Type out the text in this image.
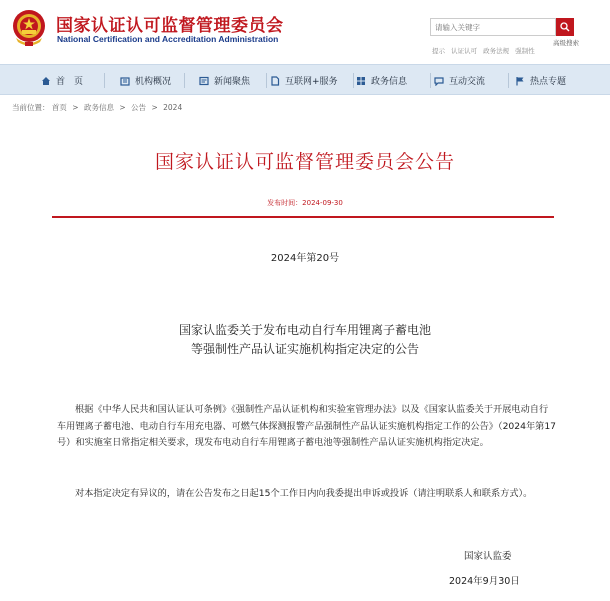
国家认证认可监督管理委员会
National Certification and Accreditation Administration
请输入关键字	高级搜索
提示 认证认可 政务法规 强制性
首　页	机构概况	新闻聚焦	互联网+服务	政务信息	互动交流	热点专题
当前位置： 首页 > 政务信息 > 公告 > 2024
国家认证认可监督管理委员会公告
发布时间：2024-09-30
2024年第20号
国家认监委关于发布电动自行车用锂离子蓄电池
等强制性产品认证实施机构指定决定的公告
根据《中华人民共和国认证认可条例》《强制性产品认证机构和实验室管理办法》以及《国家认监委关于开展电动自行车用锂离子蓄电池、电动自行车用充电器、可燃气体探测报警产品强制性产品认证实施机构指定工作的公告》（2024年第17号）和实施室日常指定相关要求，现发布电动自行车用锂离子蓄电池等强制性产品认证实施机构指定决定。
对本指定决定有异议的，请在公告发布之日起15个工作日内向我委提出申诉或投诉（请注明联系人和联系方式）。
国家认监委
2024年9月30日
